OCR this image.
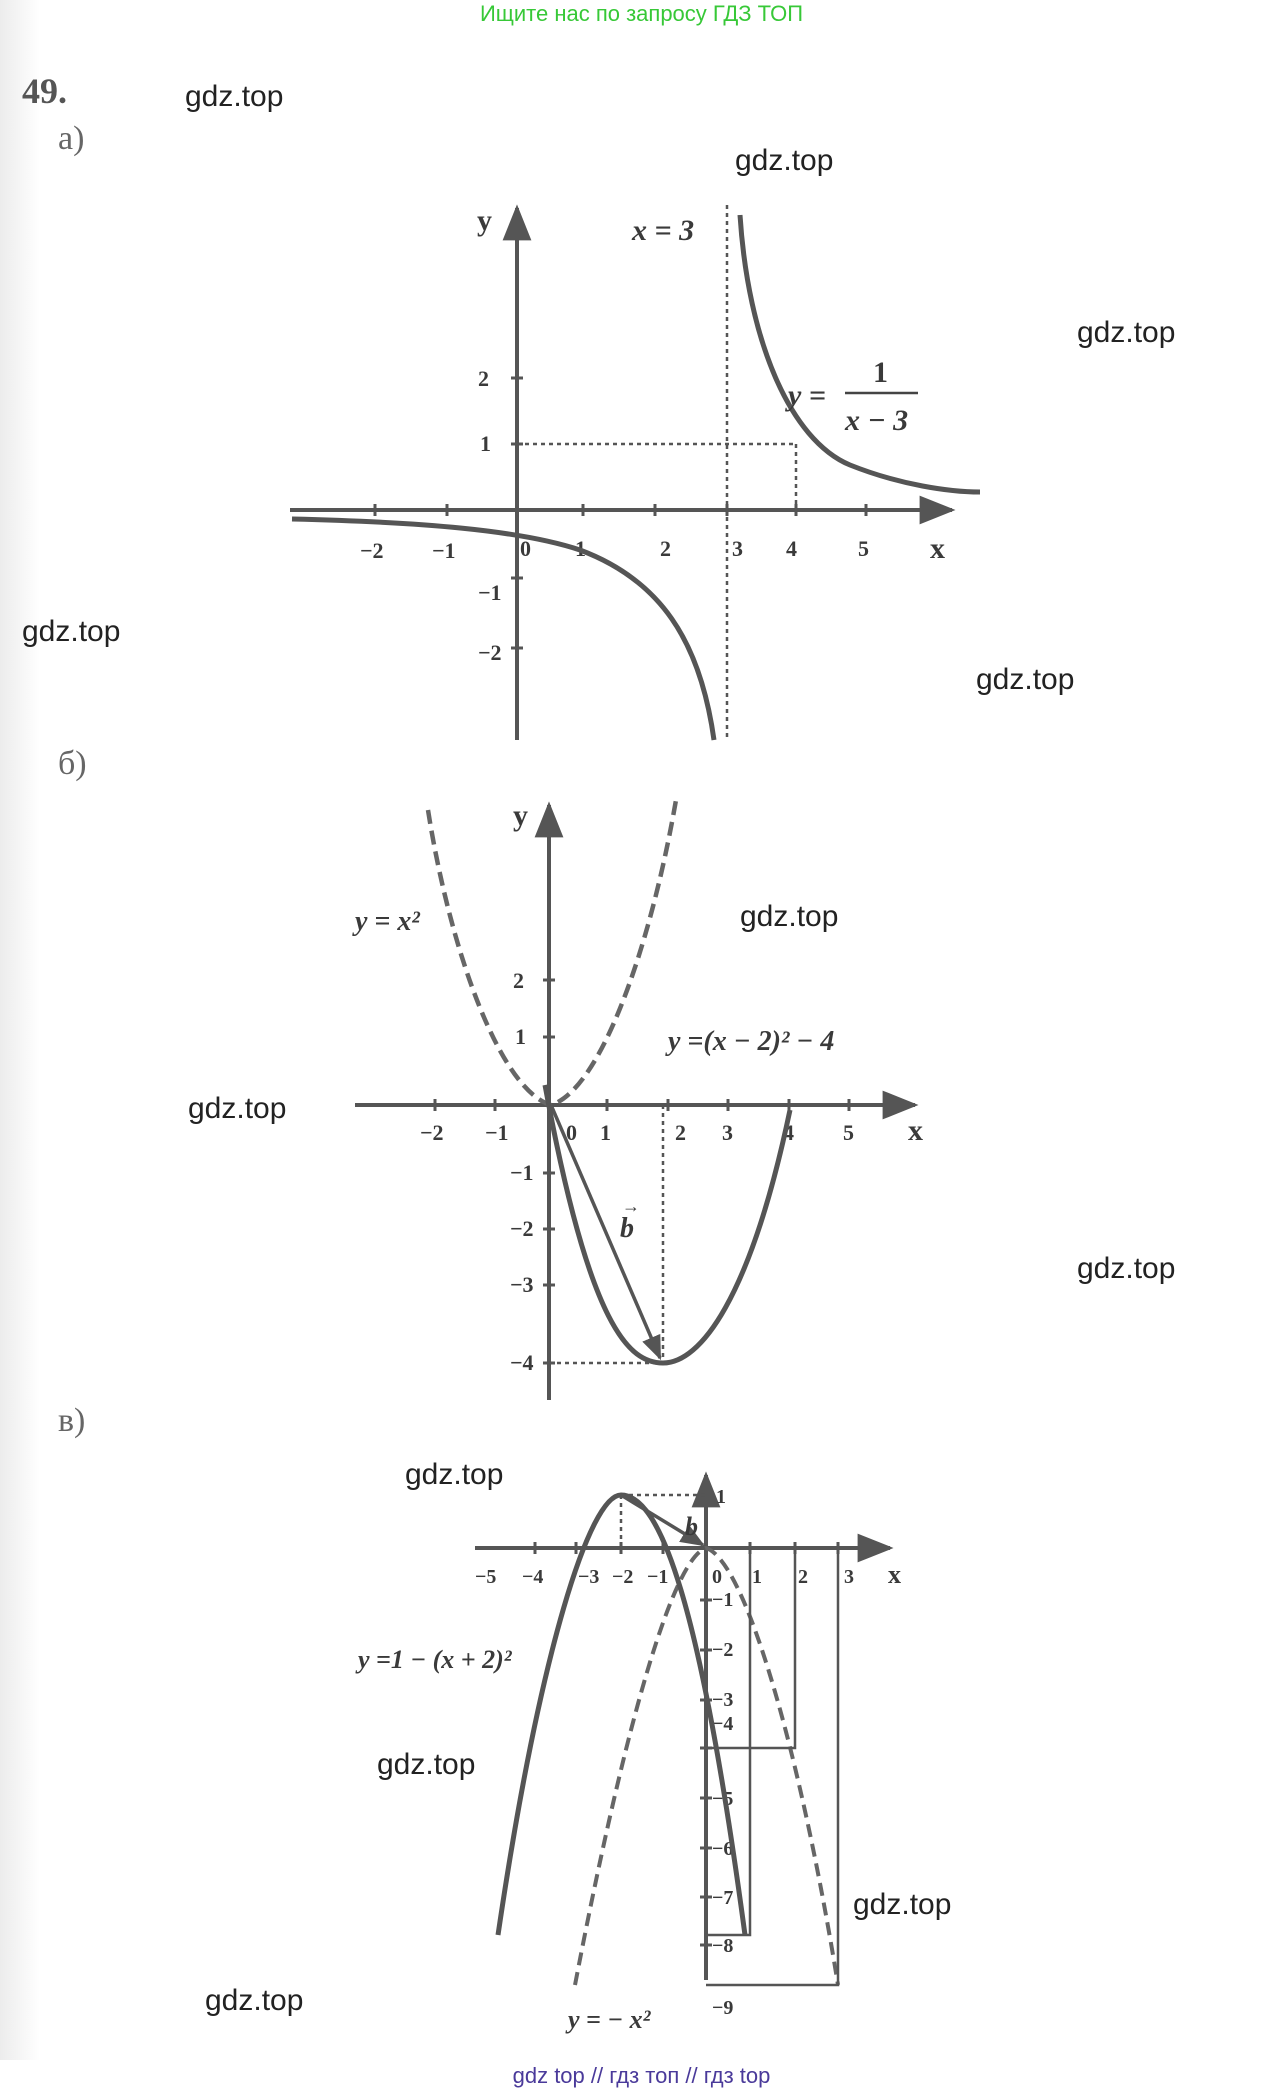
Ищите нас по запросу ГДЗ ТОП
49.
а)
б)
в)
y
x
−2 −1	0 1	2	3 4	5
2
1
−1
−2
x = 3
y =
1
x − 3
y
x
−2 −1	0 1	2 3 4 5
2
1
−1
−2
−3
−4
b
→
y = x²
y =(x − 2)² − 4
x
−5 −4 −3 −2 −1 0 1 2 3
1
−1
−2
−3
−4
−5
−6
−7
−8
−9
b
y =1 − (x + 2)²
y = − x²
gdz.top
gdz.top
gdz.top
gdz.top
gdz.top
gdz.top
gdz.top
gdz.top
gdz.top
gdz.top
gdz.top
gdz.top
gdz top // гдз топ // гдз top
